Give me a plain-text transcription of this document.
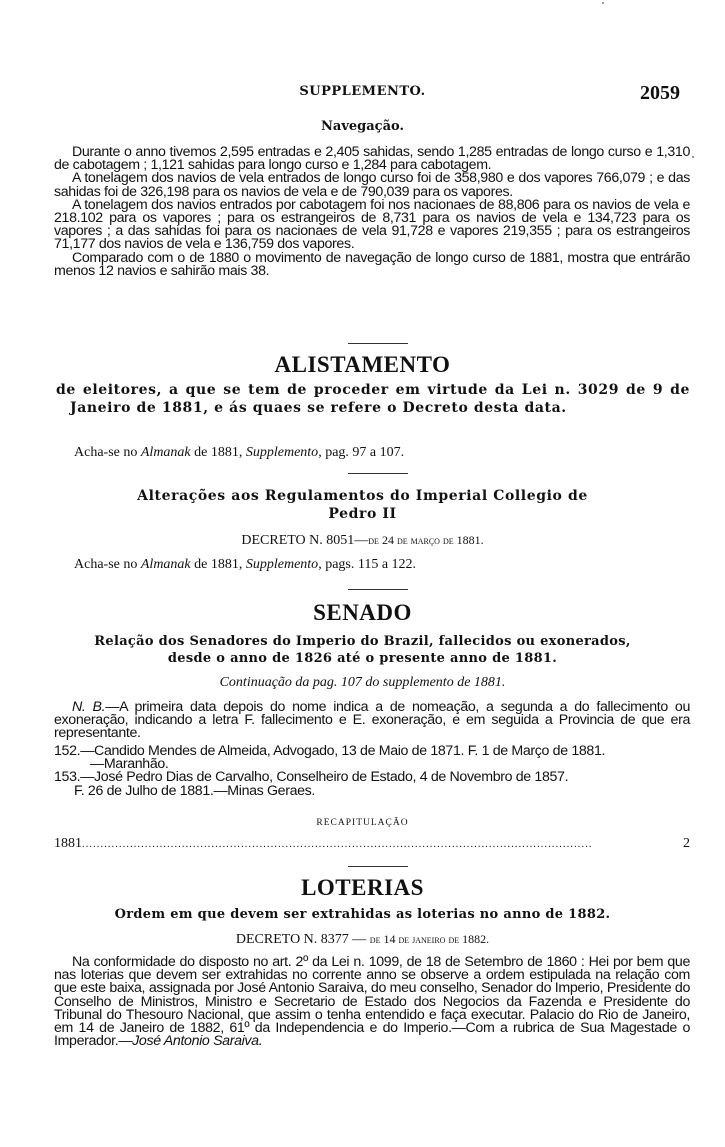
SUPPLEMENTO.	2059
Navegação.

Durante o anno tivemos 2,595 entradas e 2,405 sahidas, sendo 1,285 entradas de longo curso e 1,310 de cabotagem ; 1,121 sahidas para longo curso e 1,284 para cabotagem.

A tonelagem dos navios de vela entrados de longo curso foi de 358,980 e dos vapores 766,079 ; e das sahidas foi de 326,198 para os navios de vela e de 790,039 para os vapores.

A tonelagem dos navios entrados por cabotagem foi nos nacionaes de 88,806 para os navios de vela e 218.102 para os vapores ; para os estrangeiros de 8,731 para os navios de vela e 134,723 para os vapores ; a das sahidas foi para os nacionaes de vela 91,728 e vapores 219,355 ; para os estrangeiros 71,177 dos navios de vela e 136,759 dos vapores.

Comparado com o de 1880 o movimento de navegação de longo curso de 1881, mostra que entrárão menos 12 navios e sahirão mais 38.

ALISTAMENTO
de eleitores, a que se tem de proceder em virtude da Lei n. 3029 de 9 de Janeiro de 1881, e ás quaes se refere o Decreto desta data.
Acha-se no Almanak de 1881, Supplemento, pag. 97 a 107.
Alterações aos Regulamentos do Imperial Collegio de
Pedro II
DECRETO N. 8051—de 24 de março de 1881.
Acha-se no Almanak de 1881, Supplemento, pags. 115 a 122.
SENADO
Relação dos Senadores do Imperio do Brazil, fallecidos ou exonerados,
desde o anno de 1826 até o presente anno de 1881.
Continuação da pag. 107 do supplemento de 1881.

N. B.—A primeira data depois do nome indica a de nomeação, a segunda a do fallecimento ou exoneração, indicando a letra F. fallecimento e E. exoneração, e em seguida a Provincia de que era representante.

152.—Candido Mendes de Almeida, Advogado, 13 de Maio de 1871. F. 1 de Março de 1881.
—Maranhão.

153.—José Pedro Dias de Carvalho, Conselheiro de Estado, 4 de Novembro de 1857.
F. 26 de Julho de 1881.—Minas Geraes.

RECAPITULAÇÃO
1881 ..........................................................................................................................................	2
LOTERIAS
Ordem em que devem ser extrahidas as loterias no anno de 1882.
DECRETO N. 8377 — de 14 de janeiro de 1882.

Na conformidade do disposto no art. 2º da Lei n. 1099, de 18 de Setembro de 1860 : Hei por bem que nas loterias que devem ser extrahidas no corrente anno se observe a ordem estipulada na relação com que este baixa, assignada por José Antonio Saraiva, do meu conselho, Senador do Imperio, Presidente do Conselho de Ministros, Ministro e Secretario de Estado dos Negocios da Fazenda e Presidente do Tribunal do Thesouro Nacional, que assim o tenha entendido e faça executar. Palacio do Rio de Janeiro, em 14 de Janeiro de 1882, 61º da Independencia e do Imperio.—Com a rubrica de Sua Magestade o Imperador.—José Antonio Saraiva.
